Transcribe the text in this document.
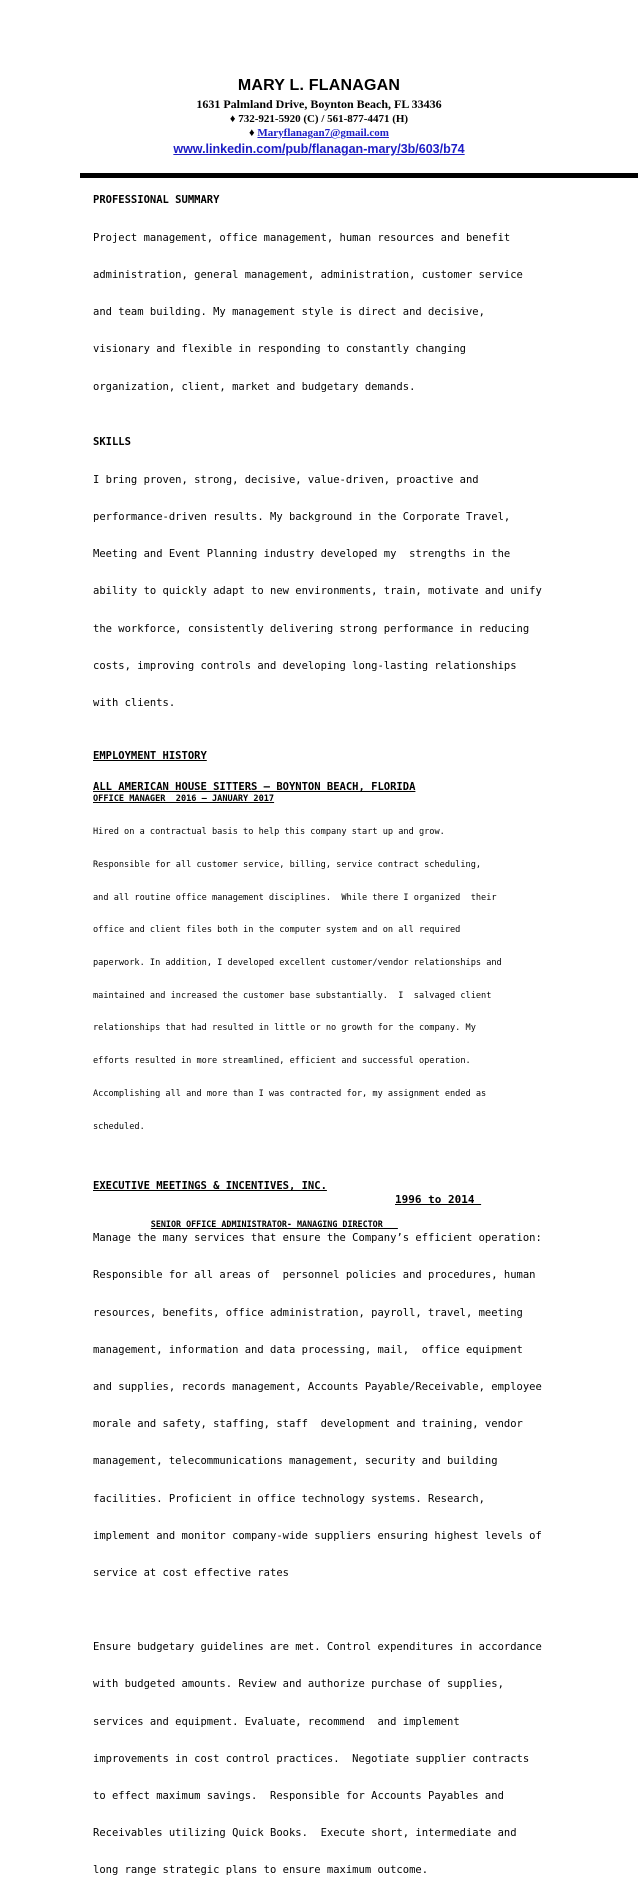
MARY L. FLANAGAN
1631 Palmland Drive, Boynton Beach, FL 33436
♦ 732-921-5920 (C) / 561-877-4471 (H)
♦ Maryflanagan7@gmail.com
www.linkedin.com/pub/flanagan-mary/3b/603/b74
PROFESSIONAL SUMMARY

Project management, office management, human resources and benefit

administration, general management, administration, customer service

and team building. My management style is direct and decisive,

visionary and flexible in responding to constantly changing

organization, client, market and budgetary demands.

SKILLS

I bring proven, strong, decisive, value-driven, proactive and

performance-driven results. My background in the Corporate Travel,

Meeting and Event Planning industry developed my  strengths in the

ability to quickly adapt to new environments, train, motivate and unify

the workforce, consistently delivering strong performance in reducing

costs, improving controls and developing long-lasting relationships

with clients.

EMPLOYMENT HISTORY
ALL AMERICAN HOUSE SITTERS – BOYNTON BEACH, FLORIDA
OFFICE MANAGER  2016 – JANUARY 2017

Hired on a contractual basis to help this company start up and grow.

Responsible for all customer service, billing, service contract scheduling,

and all routine office management disciplines.  While there I organized  their

office and client files both in the computer system and on all required

paperwork. In addition, I developed excellent customer/vendor relationships and

maintained and increased the customer base substantially.  I  salvaged client

relationships that had resulted in little or no growth for the company. My

efforts resulted in more streamlined, efficient and successful operation.

Accomplishing all and more than I was contracted for, my assignment ended as

scheduled.

EXECUTIVE MEETINGS & INCENTIVES, INC.

SENIOR OFFICE ADMINISTRATOR- MANAGING DIRECTOR

1996 to 2014

Manage the many services that ensure the Company’s efficient operation:

Responsible for all areas of  personnel policies and procedures, human

resources, benefits, office administration, payroll, travel, meeting

management, information and data processing, mail,  office equipment

and supplies, records management, Accounts Payable/Receivable, employee

morale and safety, staffing, staff  development and training, vendor

management, telecommunications management, security and building

facilities. Proficient in office technology systems. Research,

implement and monitor company-wide suppliers ensuring highest levels of

service at cost effective rates

Ensure budgetary guidelines are met. Control expenditures in accordance

with budgeted amounts. Review and authorize purchase of supplies,

services and equipment. Evaluate, recommend  and implement

improvements in cost control practices.  Negotiate supplier contracts

to effect maximum savings.  Responsible for Accounts Payables and

Receivables utilizing Quick Books.  Execute short, intermediate and

long range strategic plans to ensure maximum outcome.
